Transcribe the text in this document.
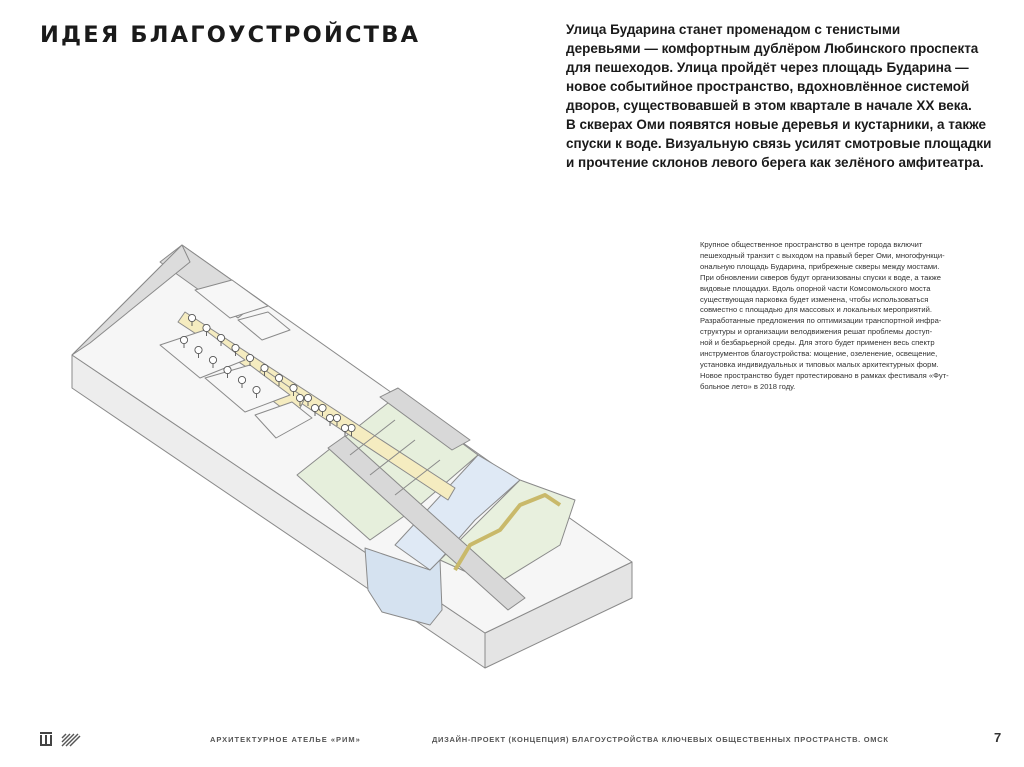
ИДЕЯ БЛАГОУСТРОЙСТВА	Улица Бударина станет променадом с тенистыми
деревьями — комфортным дублёром Любинского проспекта
для пешеходов. Улица пройдёт через площадь Бударина —
новое событийное пространство, вдохновлённое системой
дворов, существовавшей в этом квартале в начале XX века.
В скверах Оми появятся новые деревья и кустарники, а также
спуски к воде. Визуальную связь усилят смотровые площадки
и прочтение склонов левого берега как зелёного амфитеатра.
Крупное общественное пространство в центре города включит
пешеходный транзит с выходом на правый берег Оми, многофункци-
ональную площадь Бударина, прибрежные скверы между мостами.
При обновлении скверов будут организованы спуски к воде, а также
видовые площадки. Вдоль опорной части Комсомольского моста
существующая парковка будет изменена, чтобы использоваться
совместно с площадью для массовых и локальных мероприятий.
Разработанные предложения по оптимизации транспортной инфра-
структуры и организации велодвижения решат проблемы доступ-
ной и безбарьерной среды. Для этого будет применен весь спектр
инструментов благоустройства: мощение, озеленение, освещение,
установка индивидуальных и типовых малых архитектурных форм.
Новое пространство будет протестировано в рамках фестиваля «Фут-
больное лето» в 2018 году.
АРХИТЕКТУРНОЕ АТЕЛЬЕ «РИМ»	ДИЗАЙН-ПРОЕКТ (КОНЦЕПЦИЯ) БЛАГОУСТРОЙСТВА КЛЮЧЕВЫХ ОБЩЕСТВЕННЫХ ПРОСТРАНСТВ. ОМСК	7
